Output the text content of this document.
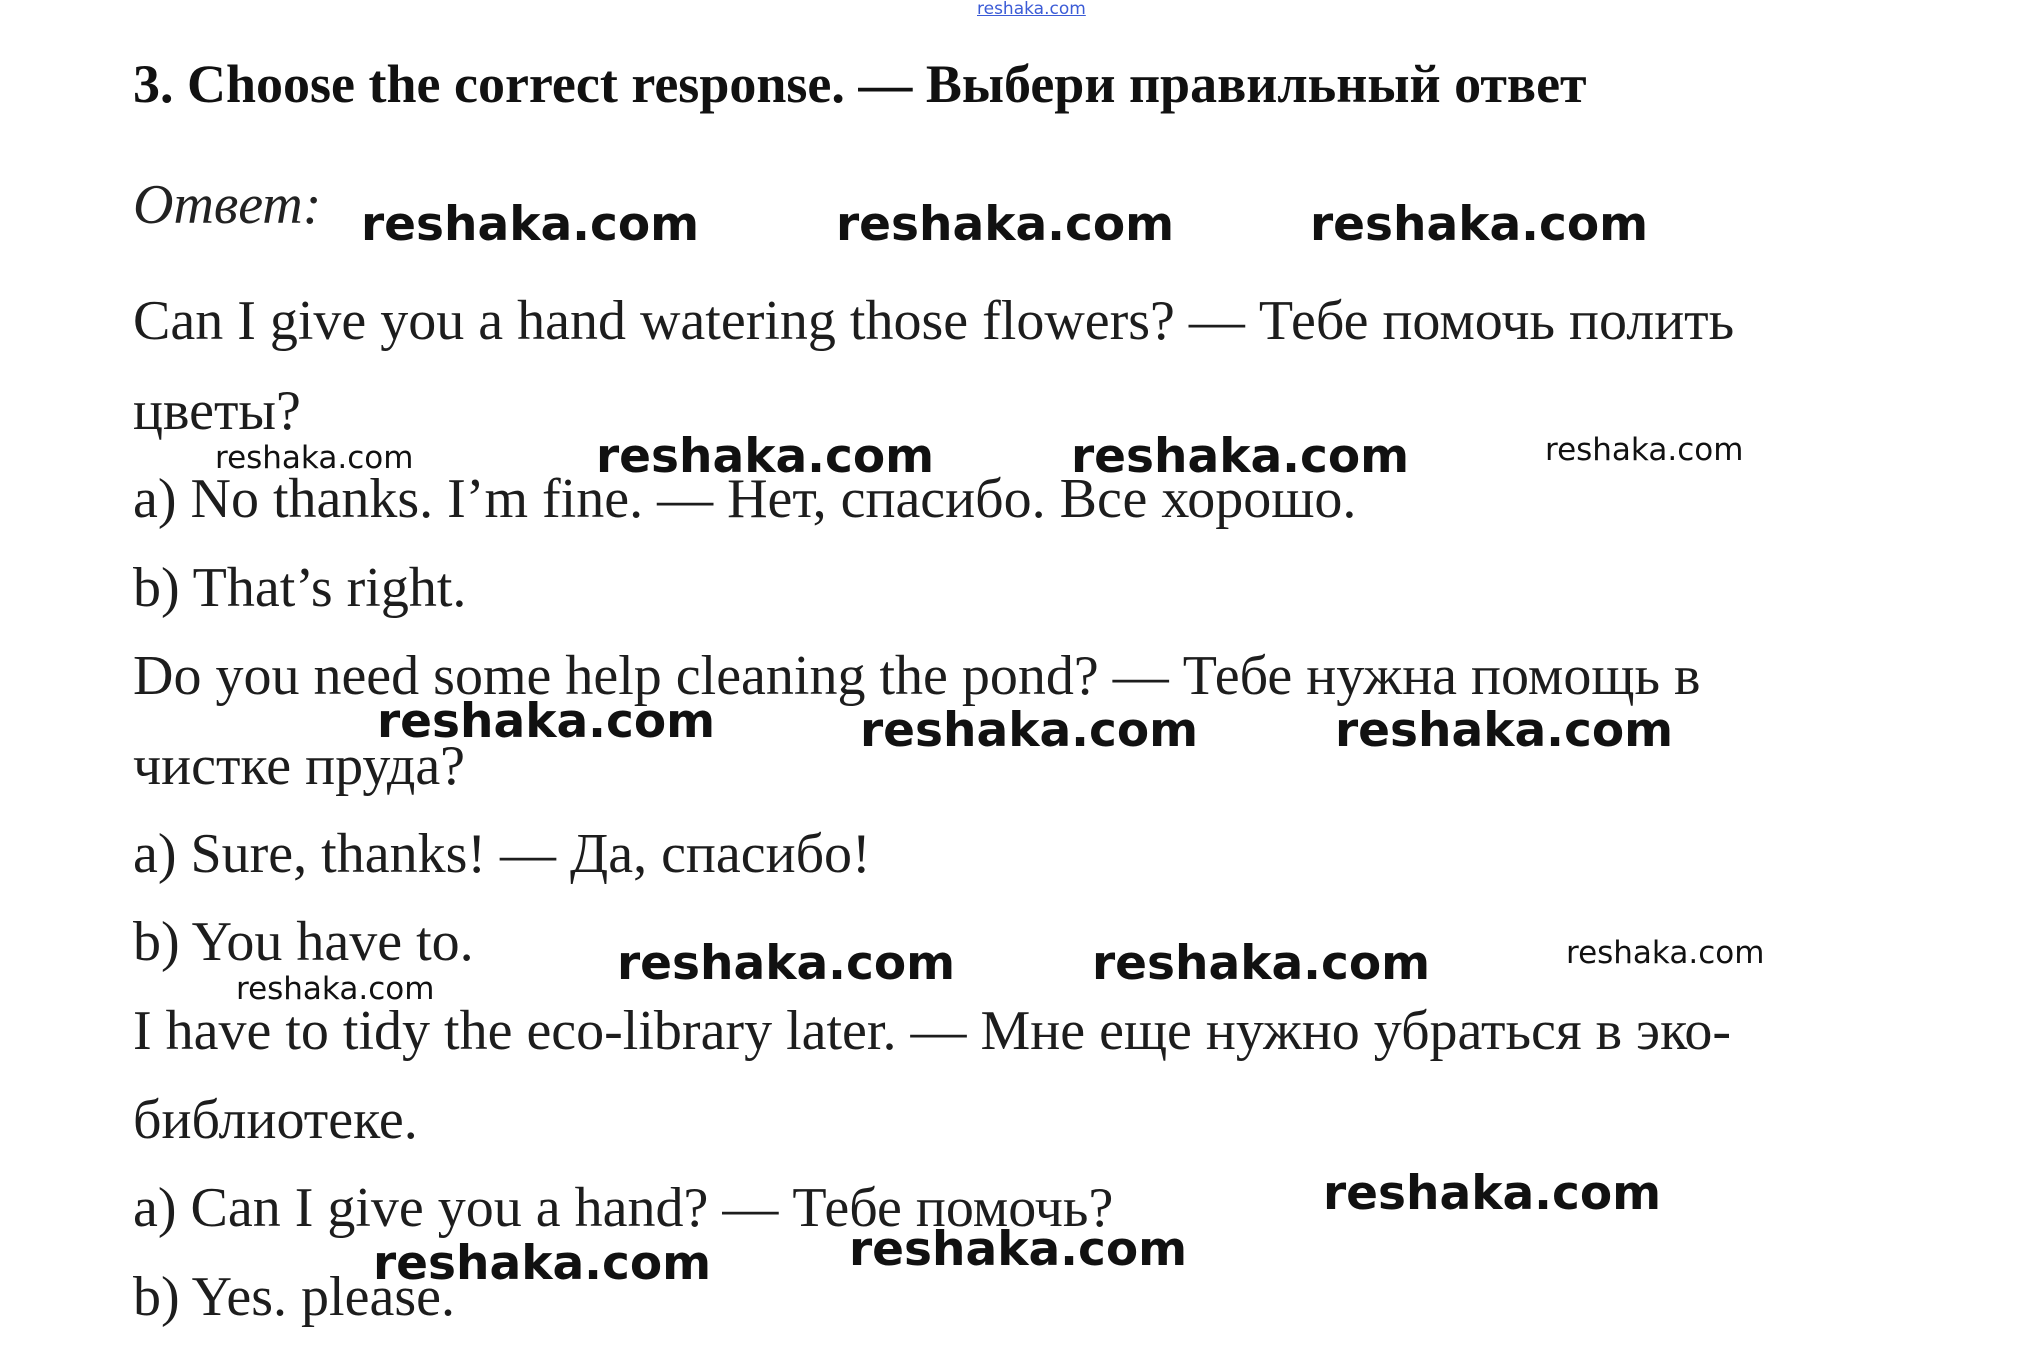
reshaka.com
3. Choose the correct response. — Выбери правильный ответ
Ответ:
Can I give you a hand watering those flowers? — Тебе помочь полить
цветы?
a) No thanks. I’m fine. — Нет, спасибо. Все хорошо.
b) That’s right.
Do you need some help cleaning the pond? — Тебе нужна помощь в
чистке пруда?
a) Sure, thanks! — Да, спасибо!
b) You have to.
I have to tidy the eco-library later. — Мне еще нужно убраться в эко-
библиотеке.
a) Can I give you a hand? — Тебе помочь?
b) Yes. please.
reshaka.com	reshaka.com	reshaka.com
reshaka.com	reshaka.com	reshaka.com	reshaka.com
reshaka.com	reshaka.com	reshaka.com
reshaka.com	reshaka.com	reshaka.com	reshaka.com
reshaka.com
reshaka.com
reshaka.com
